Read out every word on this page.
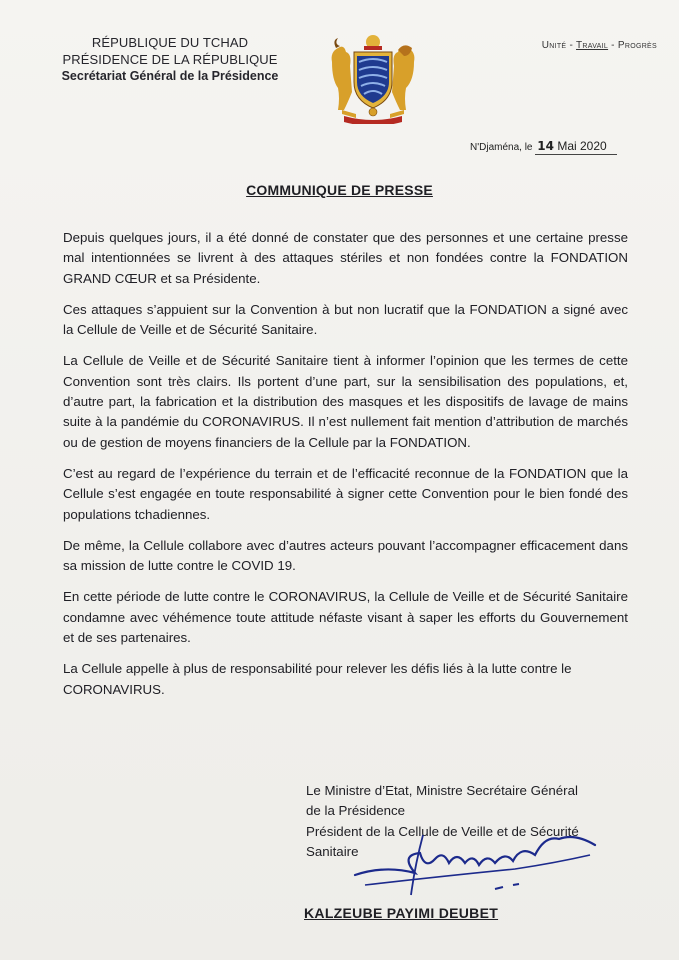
RÉPUBLIQUE DU TCHAD
PRÉSIDENCE DE LA RÉPUBLIQUE
Secrétariat Général de la Présidence
Unité - Travail - Progrès
N'Djaména, le 14 Mai 2020
COMMUNIQUE DE PRESSE

Depuis quelques jours, il a été donné de constater que des personnes et une certaine presse mal intentionnées se livrent à des attaques stériles et non fondées contre la FONDATION GRAND CŒUR et sa Présidente.

Ces attaques s’appuient sur la Convention à but non lucratif que la FONDATION a signé avec la Cellule de Veille et de Sécurité Sanitaire.

La Cellule de Veille et de Sécurité Sanitaire tient à informer l’opinion que les termes de cette Convention sont très clairs. Ils portent d’une part, sur la sensibilisation des populations, et, d’autre part, la fabrication et la distribution des masques et les dispositifs de lavage de mains suite à la pandémie du CORONAVIRUS. Il n’est nullement fait mention d’attribution de marchés ou de gestion de moyens financiers de la Cellule par la FONDATION.

C’est au regard de l’expérience du terrain et de l’efficacité reconnue de la FONDATION que la Cellule s’est engagée en toute responsabilité à signer cette Convention pour le bien fondé des populations tchadiennes.

De même, la Cellule collabore avec d’autres acteurs pouvant l’accompagner efficacement dans sa mission de lutte contre le COVID 19.

En cette période de lutte contre le CORONAVIRUS, la Cellule de Veille et de Sécurité Sanitaire condamne avec véhémence toute attitude néfaste visant à saper les efforts du Gouvernement et de ses partenaires.

La Cellule appelle à plus de responsabilité pour relever les défis liés à la lutte contre le CORONAVIRUS.

Le Ministre d’Etat, Ministre Secrétaire Général
de la Présidence
Président de la Cellule de Veille et de Sécurité
Sanitaire
KALZEUBE PAYIMI DEUBET
